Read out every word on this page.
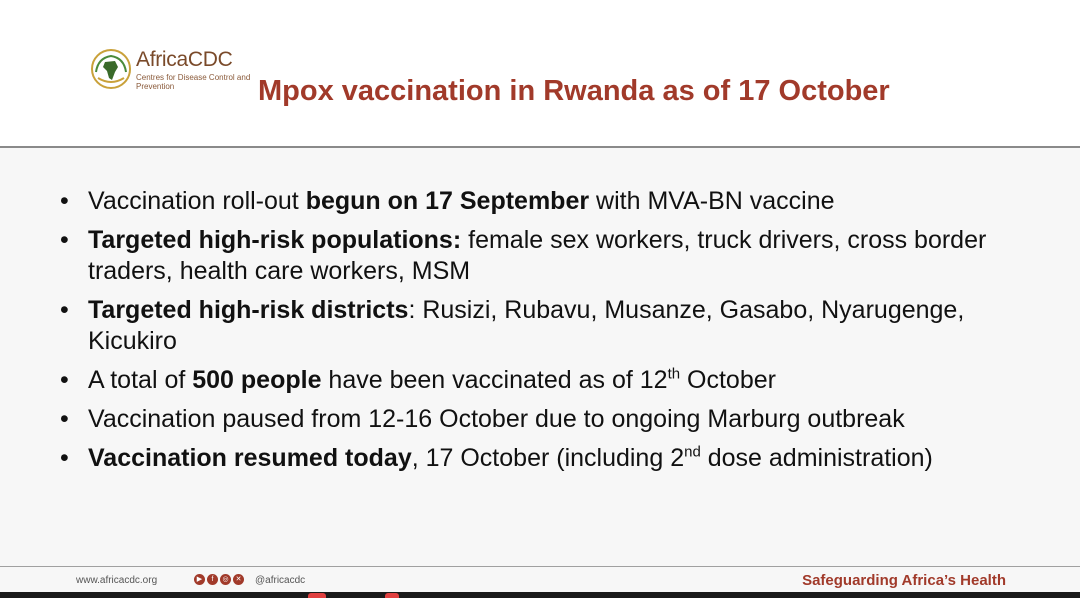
AfricaCDC
Centres for Disease Control and Prevention	Mpox vaccination in Rwanda as of 17 October
• Vaccination roll-out begun on 17 September with MVA-BN vaccine
• Targeted high-risk populations: female sex workers, truck drivers, cross border traders, health care workers, MSM
• Targeted high-risk districts: Rusizi, Rubavu, Musanze, Gasabo, Nyarugenge, Kicukiro
• A total of 500 people have been vaccinated as of 12th October
• Vaccination paused from 12-16 October due to ongoing Marburg outbreak
• Vaccination resumed today, 17 October (including 2nd dose administration)
www.africacdc.org	▶	f	◎	✕ @africacdc	Safeguarding Africa’s Health
